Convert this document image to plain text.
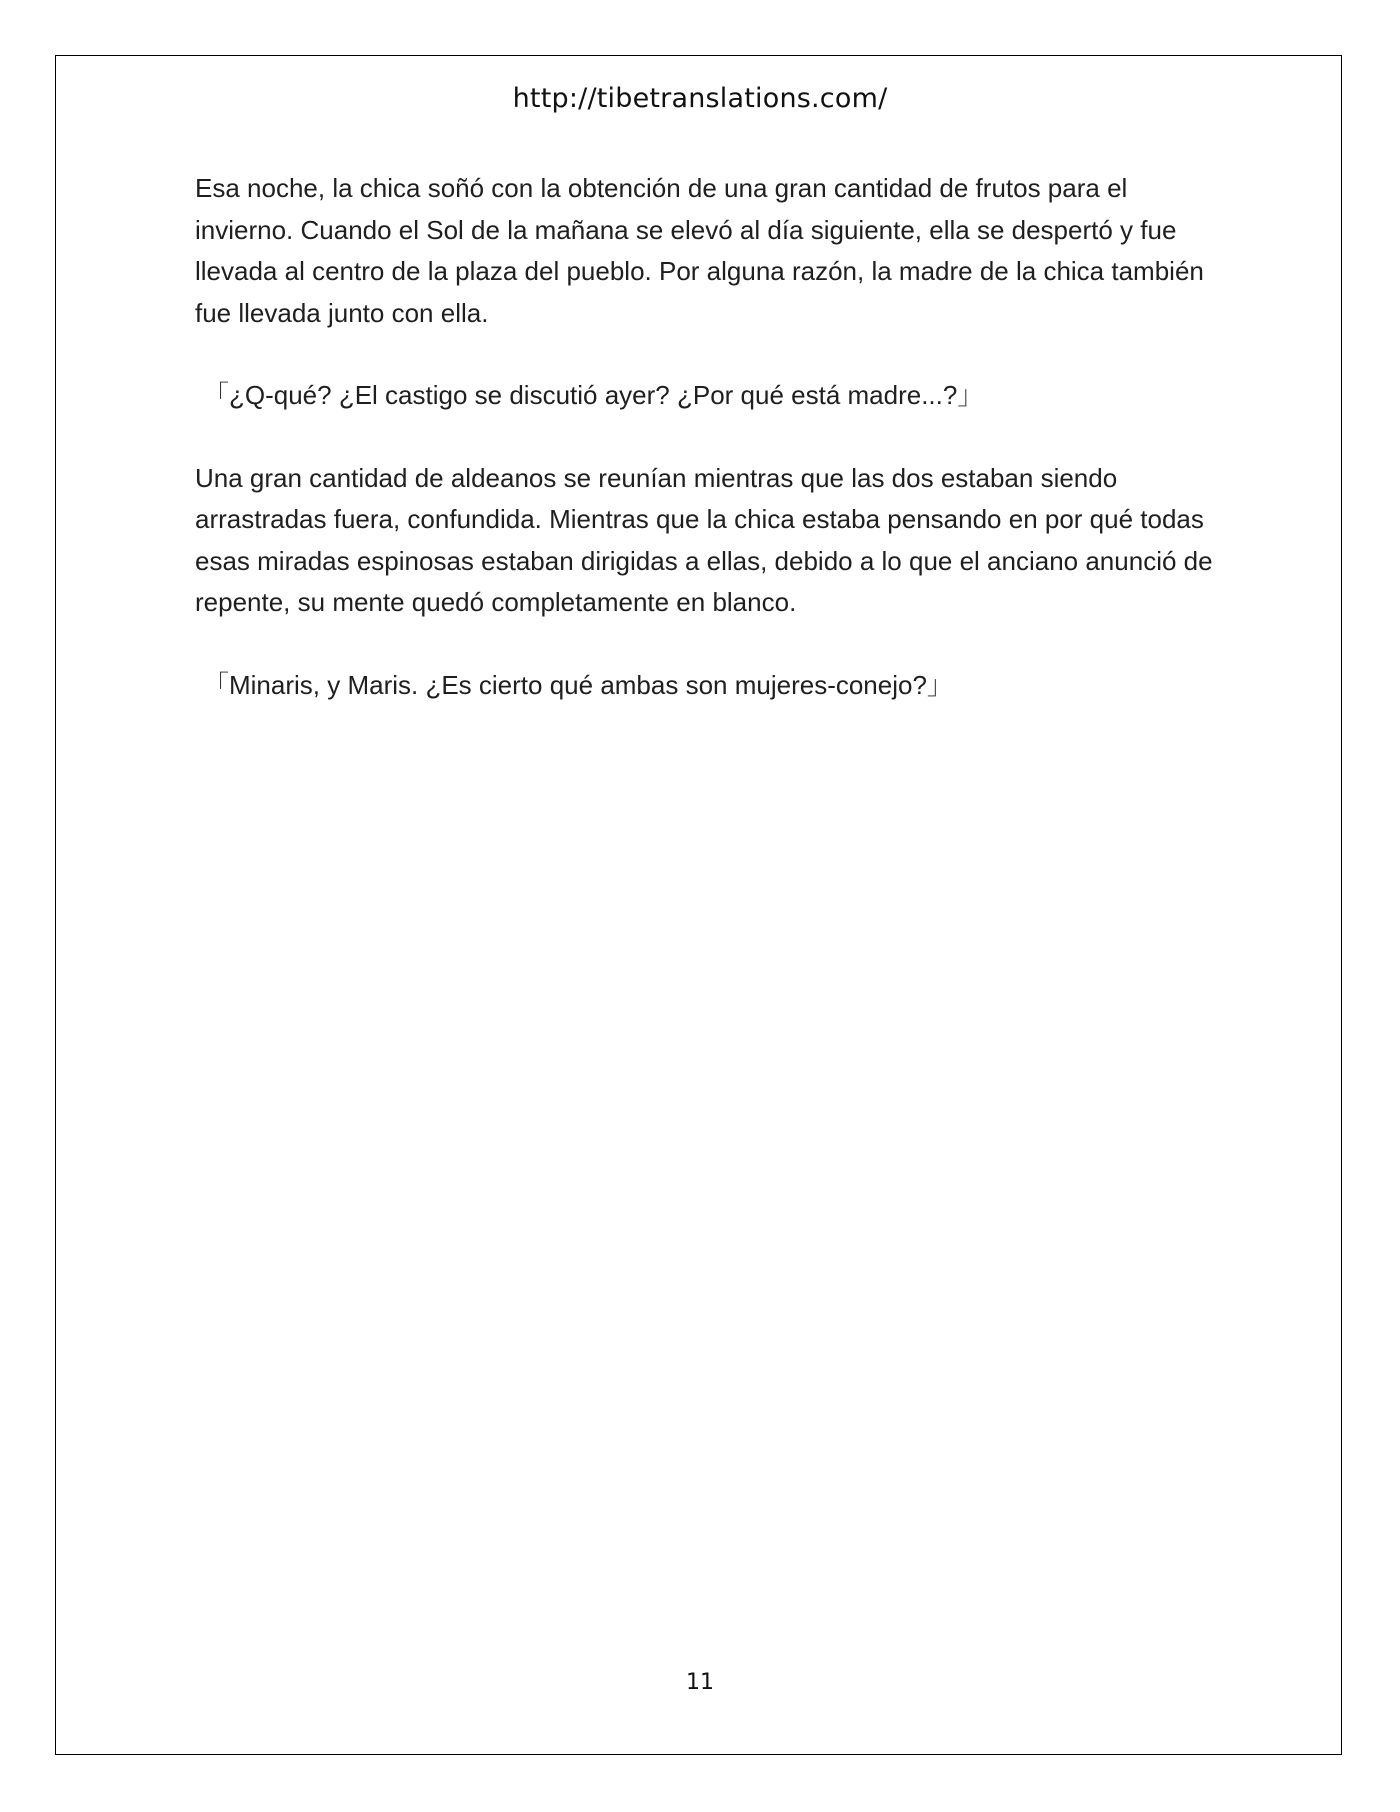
http://tibetranslations.com/

Esa noche, la chica soñó con la obtención de una gran cantidad de frutos para el invierno. Cuando el Sol de la mañana se elevó al día siguiente, ella se despertó y fue llevada al centro de la plaza del pueblo. Por alguna razón, la madre de la chica también fue llevada junto con ella.

「¿Q-qué? ¿El castigo se discutió ayer? ¿Por qué está madre...?」

Una gran cantidad de aldeanos se reunían mientras que las dos estaban siendo arrastradas fuera, confundida. Mientras que la chica estaba pensando en por qué todas esas miradas espinosas estaban dirigidas a ellas, debido a lo que el anciano anunció de repente, su mente quedó completamente en blanco.

「Minaris, y Maris. ¿Es cierto qué ambas son mujeres-conejo?」

11
